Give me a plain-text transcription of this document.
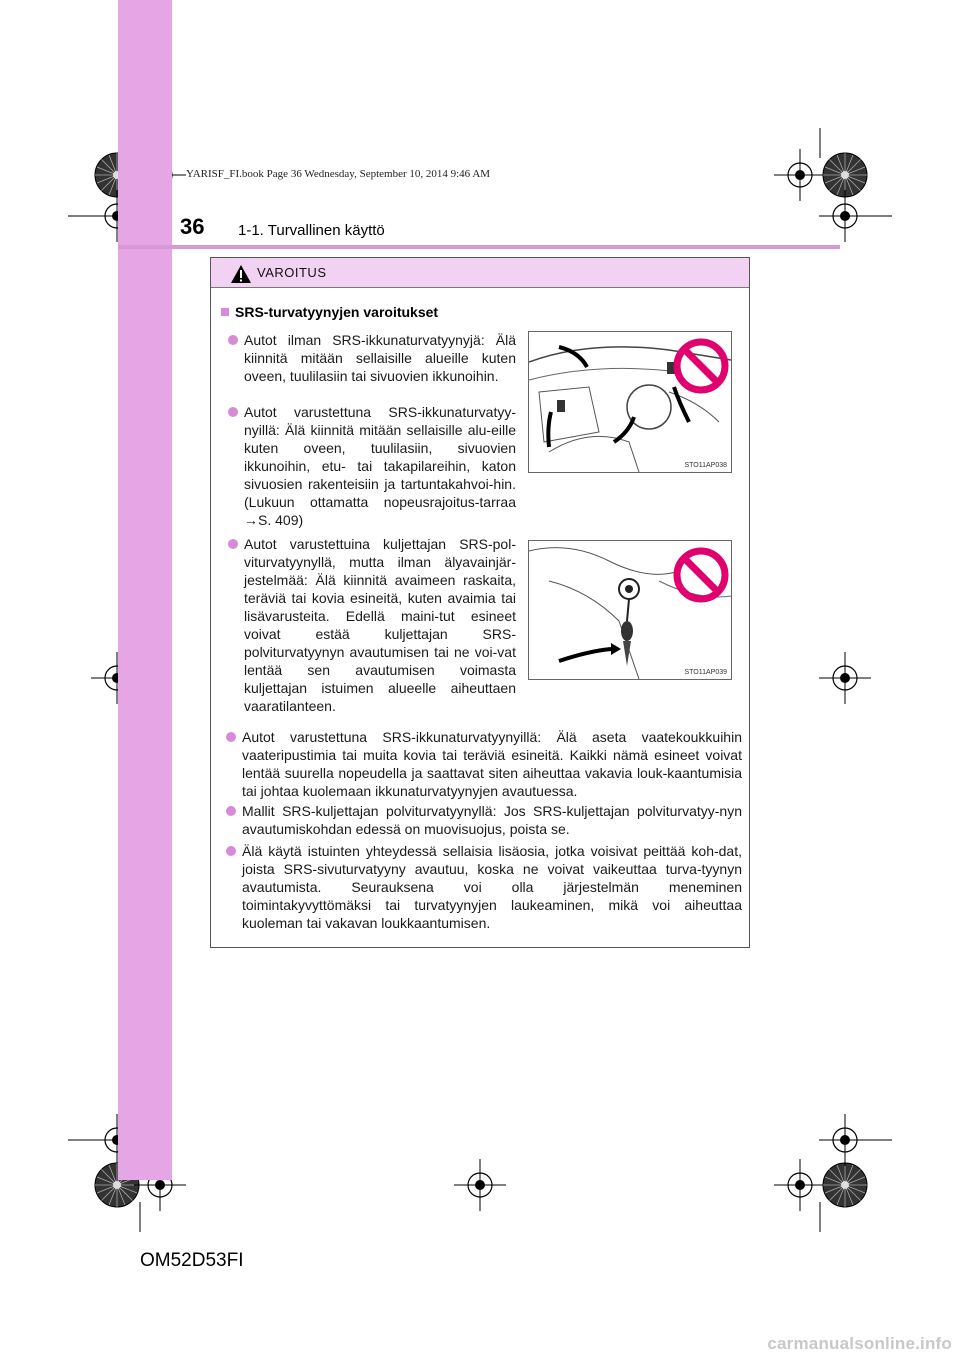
YARISF_FI.book Page 36 Wednesday, September 10, 2014 9:46 AM
36 1-1. Turvallinen käyttö
VAROITUS
SRS-turvatyynyjen varoitukset
Autot ilman SRS-ikkunaturvatyynyjä: Älä kiinnitä mitään sellaisille alueille kuten oveen, tuulilasiin tai sivuovien ikkunoihin.
Autot varustettuna SRS-ikkunaturvatyy-nyillä: Älä kiinnitä mitään sellaisille alu-eille kuten oveen, tuulilasiin, sivuovien ikkunoihin, etu- tai takapilareihin, katon sivuosien rakenteisiin ja tartuntakahvoi-hin. (Lukuun ottamatta nopeusrajoitus-tarraa →S. 409)
Autot varustettuina kuljettajan SRS-pol-viturvatyynyllä, mutta ilman älyavainjär-jestelmää: Älä kiinnitä avaimeen raskaita, teräviä tai kovia esineitä, kuten avaimia tai lisävarusteita. Edellä maini-tut esineet voivat estää kuljettajan SRS-polviturvatyynyn avautumisen tai ne voi-vat lentää sen avautumisen voimasta kuljettajan istuimen alueelle aiheuttaen vaaratilanteen.
STO11AP038
STO11AP039
Autot varustettuna SRS-ikkunaturvatyynyillä: Älä aseta vaatekoukkuihin vaateripustimia tai muita kovia tai teräviä esineitä. Kaikki nämä esineet voivat lentää suurella nopeudella ja saattavat siten aiheuttaa vakavia louk-kaantumisia tai johtaa kuolemaan ikkunaturvatyynyjen avautuessa.
Mallit SRS-kuljettajan polviturvatyynyllä: Jos SRS-kuljettajan polviturvatyy-nyn avautumiskohdan edessä on muovisuojus, poista se.
Älä käytä istuinten yhteydessä sellaisia lisäosia, jotka voisivat peittää koh-dat, joista SRS-sivuturvatyyny avautuu, koska ne voivat vaikeuttaa turva-tyynyn avautumista. Seurauksena voi olla järjestelmän meneminen toimintakyvyttömäksi tai turvatyynyjen laukeaminen, mikä voi aiheuttaa kuoleman tai vakavan loukkaantumisen.
OM52D53FI
carmanualsonline.info
